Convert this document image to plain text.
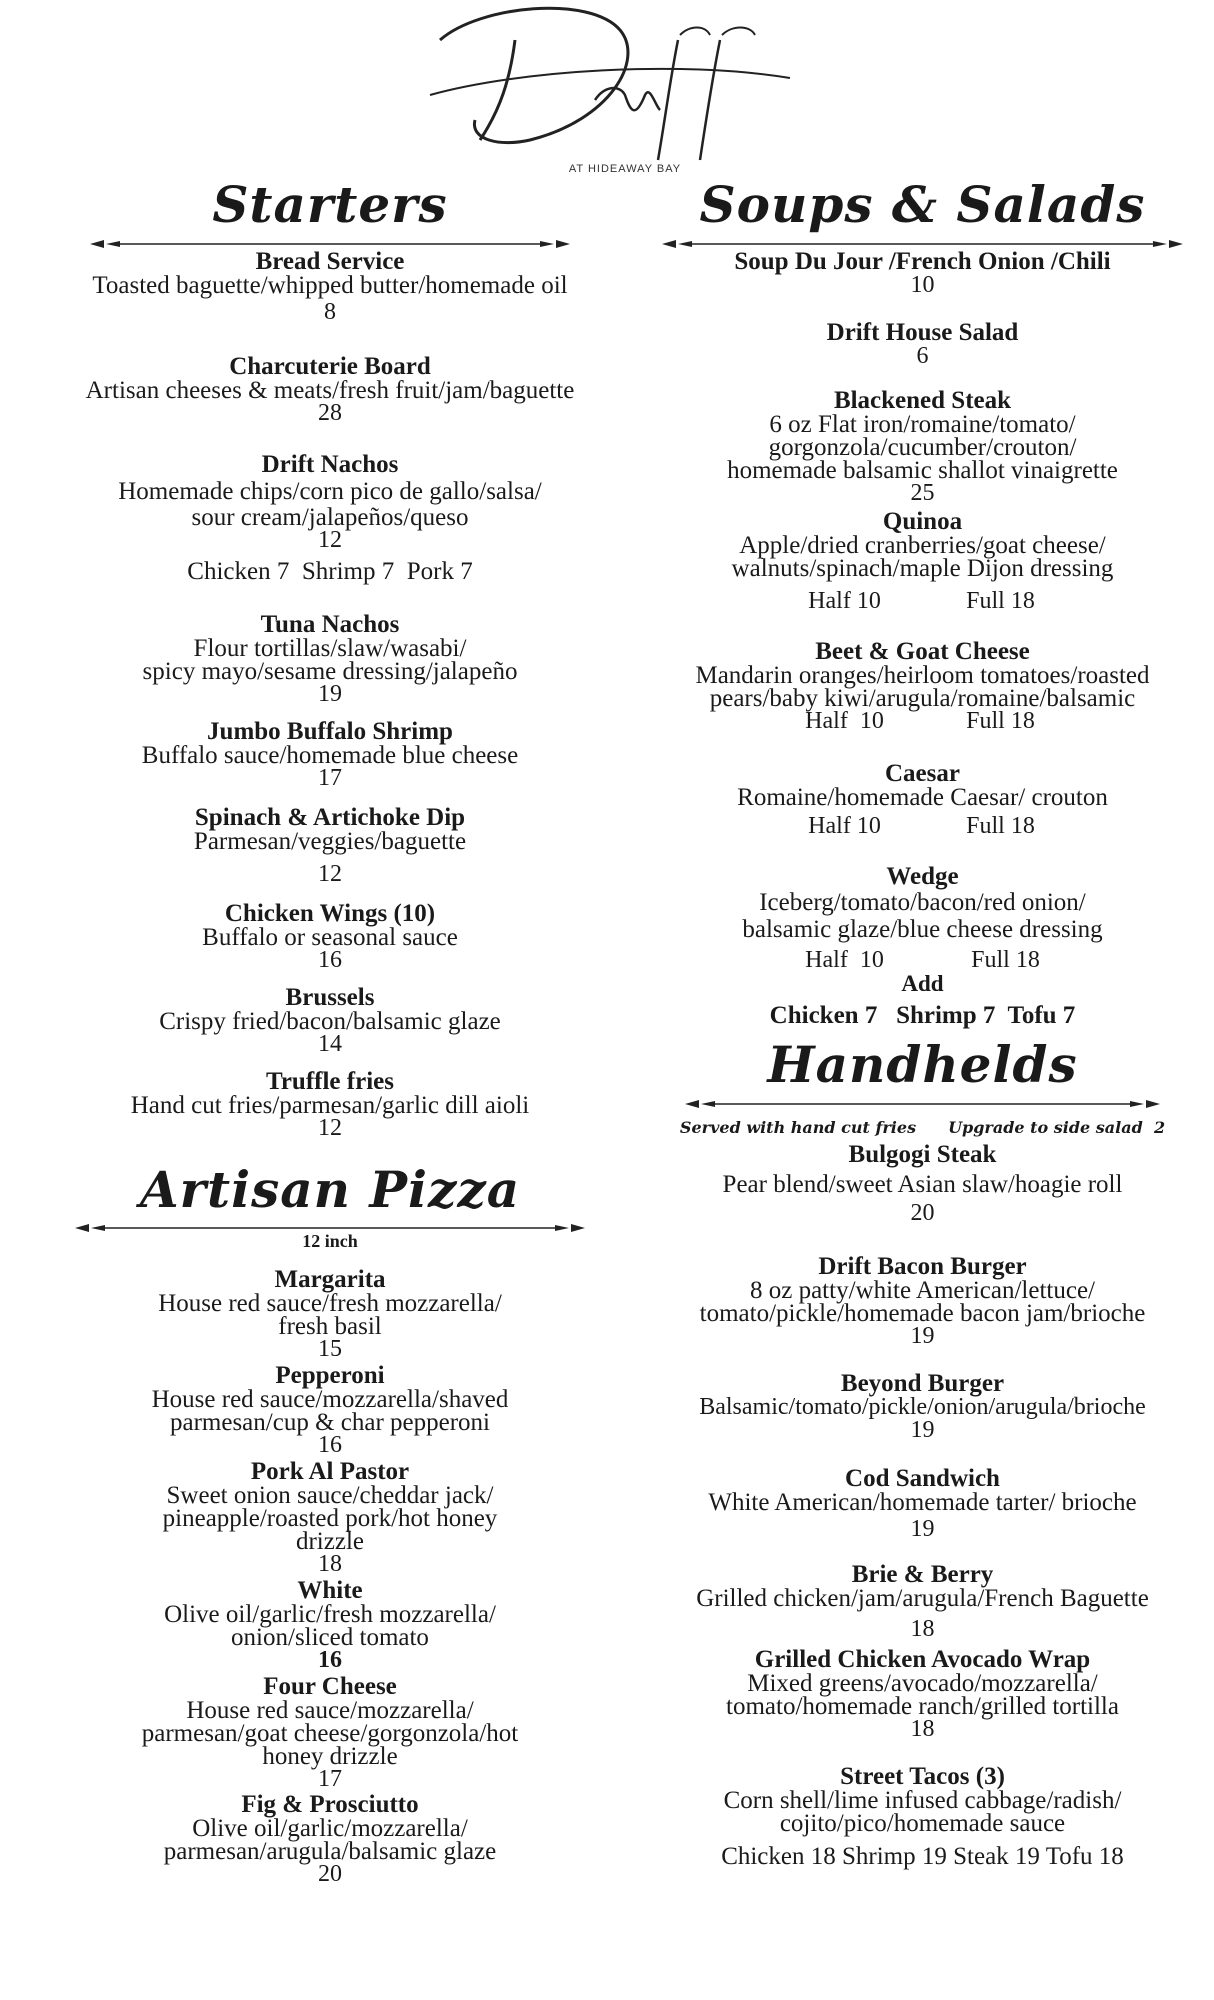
AT HIDEAWAY BAY
Starters
Bread Service
Toasted baguette/whipped butter/homemade oil
8
Charcuterie Board
Artisan cheeses & meats/fresh fruit/jam/baguette
28
Drift Nachos
Homemade chips/corn pico de gallo/salsa/
sour cream/jalapeños/queso
12
Chicken 7  Shrimp 7  Pork 7
Tuna Nachos
Flour tortillas/slaw/wasabi/
spicy mayo/sesame dressing/jalapeño
19
Jumbo Buffalo Shrimp
Buffalo sauce/homemade blue cheese
17
Spinach & Artichoke Dip
Parmesan/veggies/baguette
12
Chicken Wings (10)
Buffalo or seasonal sauce
16
Brussels
Crispy fried/bacon/balsamic glaze
14
Truffle fries
Hand cut fries/parmesan/garlic dill aioli
12
Artisan Pizza
12 inch
Margarita
House red sauce/fresh mozzarella/
fresh basil
15
Pepperoni
House red sauce/mozzarella/shaved
parmesan/cup & char pepperoni
16
Pork Al Pastor
Sweet onion sauce/cheddar jack/
pineapple/roasted pork/hot honey
drizzle
18
White
Olive oil/garlic/fresh mozzarella/
onion/sliced tomato
16
Four Cheese
House red sauce/mozzarella/
parmesan/goat cheese/gorgonzola/hot
honey drizzle
17
Fig & Prosciutto
Olive oil/garlic/mozzarella/
parmesan/arugula/balsamic glaze
20
Soups & Salads
Soup Du Jour /French Onion /Chili
10
Drift House Salad
6
Blackened Steak
6 oz Flat iron/romaine/tomato/
gorgonzola/cucumber/crouton/
homemade balsamic shallot vinaigrette
25
Quinoa
Apple/dried cranberries/goat cheese/
walnuts/spinach/maple Dijon dressing
Half 10	Full 18
Beet & Goat Cheese
Mandarin oranges/heirloom tomatoes/roasted
pears/baby kiwi/arugula/romaine/balsamic
Half  10	Full 18
Caesar
Romaine/homemade Caesar/ crouton
Half 10	Full 18
Wedge
Iceberg/tomato/bacon/red onion/
balsamic glaze/blue cheese dressing
Half  10	Full 18
Add
Chicken 7   Shrimp 7  Tofu 7
Handhelds
Served with hand cut fries Upgrade to side salad  2
Bulgogi Steak
Pear blend/sweet Asian slaw/hoagie roll
20
Drift Bacon Burger
8 oz patty/white American/lettuce/
tomato/pickle/homemade bacon jam/brioche
19
Beyond Burger
Balsamic/tomato/pickle/onion/arugula/brioche
19
Cod Sandwich
White American/homemade tarter/ brioche
19
Brie & Berry
Grilled chicken/jam/arugula/French Baguette
18
Grilled Chicken Avocado Wrap
Mixed greens/avocado/mozzarella/
tomato/homemade ranch/grilled tortilla
18
Street Tacos (3)
Corn shell/lime infused cabbage/radish/
cojito/pico/homemade sauce
Chicken 18 Shrimp 19 Steak 19 Tofu 18
